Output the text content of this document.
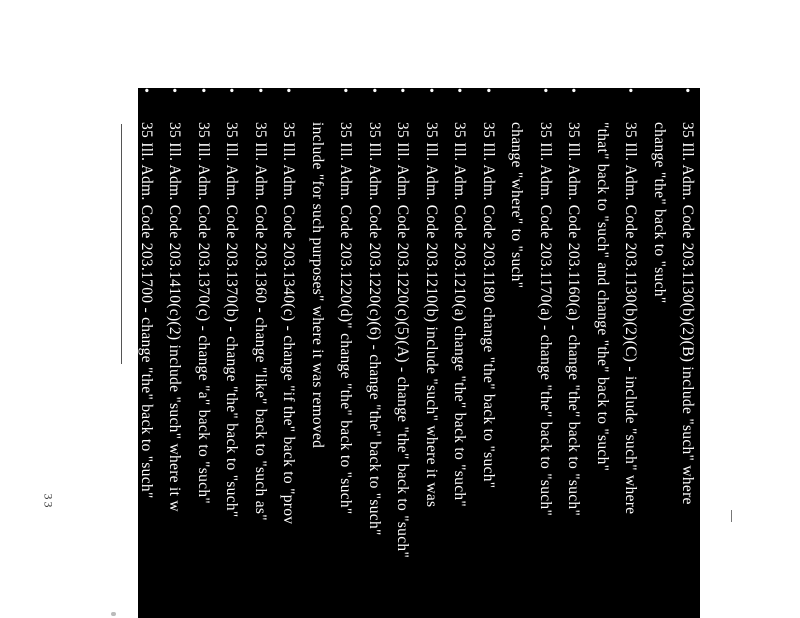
33
•35 Ill. Adm. Code 203.1130(b)(2)(B) include "such" where
change "the" back to "such"
•35 Ill. Adm. Code 203.1130(b)(2)(C) - include "such" where
"that" back to "such" and change "the" back to "such"
•35 Ill. Adm. Code 203.1160(a) - change "the" back to "such"
•35 Ill. Adm. Code 203.1170(a) - change "the" back to "such"
change "where" to "such"
•35 Ill. Adm. Code 203.1180 change "the" back to "such"
•35 Ill. Adm. Code 203.1210(a) change "the" back to "such"
•35 Ill. Adm. Code 203.1210(b) include "such" where it was
•35 Ill. Adm. Code 203.1220(c)(5)(A) - change "the" back to "such"
•35 Ill. Adm. Code 203.1220(c)(6) - change "the" back to "such"
•35 Ill. Adm. Code 203.1220(d)" change "the" back to "such"
include "for such purposes" where it was removed
•35 Ill. Adm. Code 203.1340(c) - change "if the" back to "prov
•35 Ill. Adm. Code 203.1360 - change "like" back to "such as"
•35 Ill. Adm. Code 203.1370(b) - change "the" back to "such"
•35 Ill. Adm. Code 203.1370(c) - change "a" back to "such"
•35 Ill. Adm. Code 203.1410(c)(2) include "such" where it w
•35 Ill. Adm. Code 203.1700 - change "the" back to "such"
